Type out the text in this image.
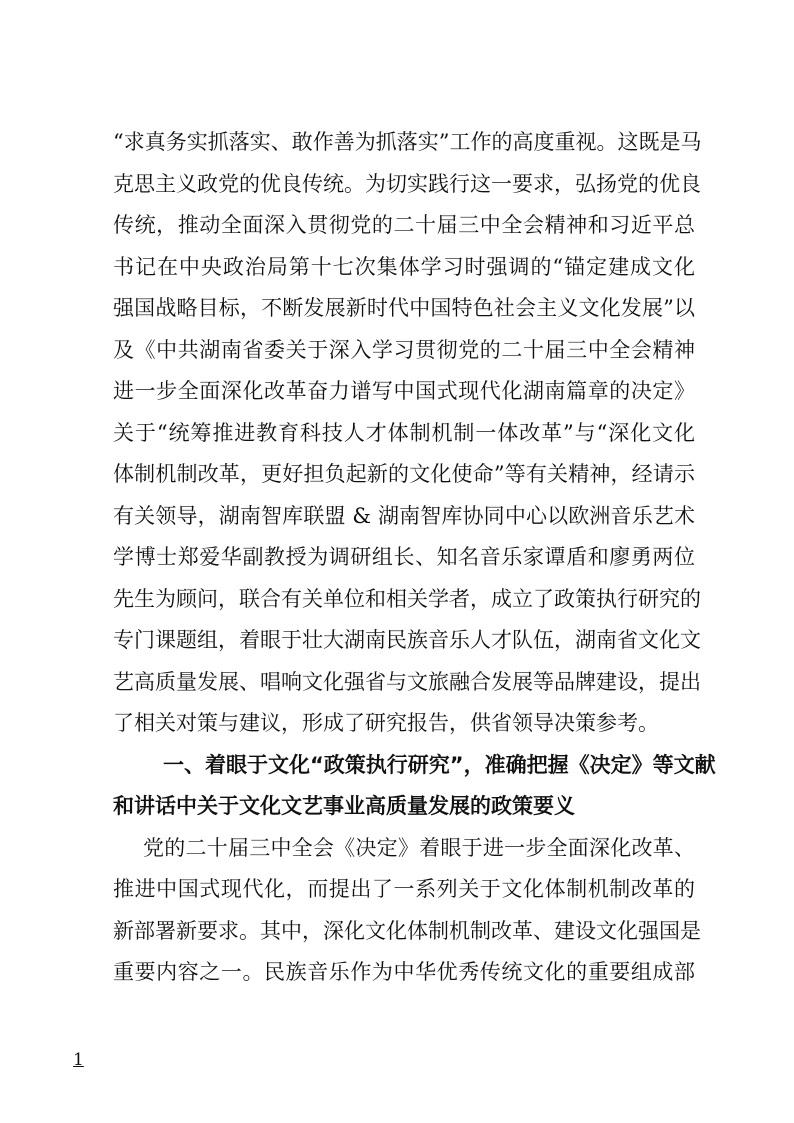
“求真务实抓落实、敢作善为抓落实”工作的高度重视。这既是马
克思主义政党的优良传统。为切实践行这一要求，弘扬党的优良
传统，推动全面深入贯彻党的二十届三中全会精神和习近平总
书记在中央政治局第十七次集体学习时强调的“锚定建成文化
强国战略目标，不断发展新时代中国特色社会主义文化发展”以
及《中共湖南省委关于深入学习贯彻党的二十届三中全会精神
进一步全面深化改革奋力谱写中国式现代化湖南篇章的决定》
关于“统筹推进教育科技人才体制机制一体改革”与“深化文化
体制机制改革，更好担负起新的文化使命”等有关精神，经请示
有关领导，湖南智库联盟 & 湖南智库协同中心以欧洲音乐艺术
学博士郑爱华副教授为调研组长、知名音乐家谭盾和廖勇两位
先生为顾问，联合有关单位和相关学者，成立了政策执行研究的
专门课题组，着眼于壮大湖南民族音乐人才队伍，湖南省文化文
艺高质量发展、唱响文化强省与文旅融合发展等品牌建设，提出
了相关对策与建议，形成了研究报告，供省领导决策参考。
一、着眼于文化“政策执行研究”，准确把握《决定》等文献
和讲话中关于文化文艺事业高质量发展的政策要义
党的二十届三中全会《决定》着眼于进一步全面深化改革、
推进中国式现代化，而提出了一系列关于文化体制机制改革的
新部署新要求。其中，深化文化体制机制改革、建设文化强国是
重要内容之一。民族音乐作为中华优秀传统文化的重要组成部
1
